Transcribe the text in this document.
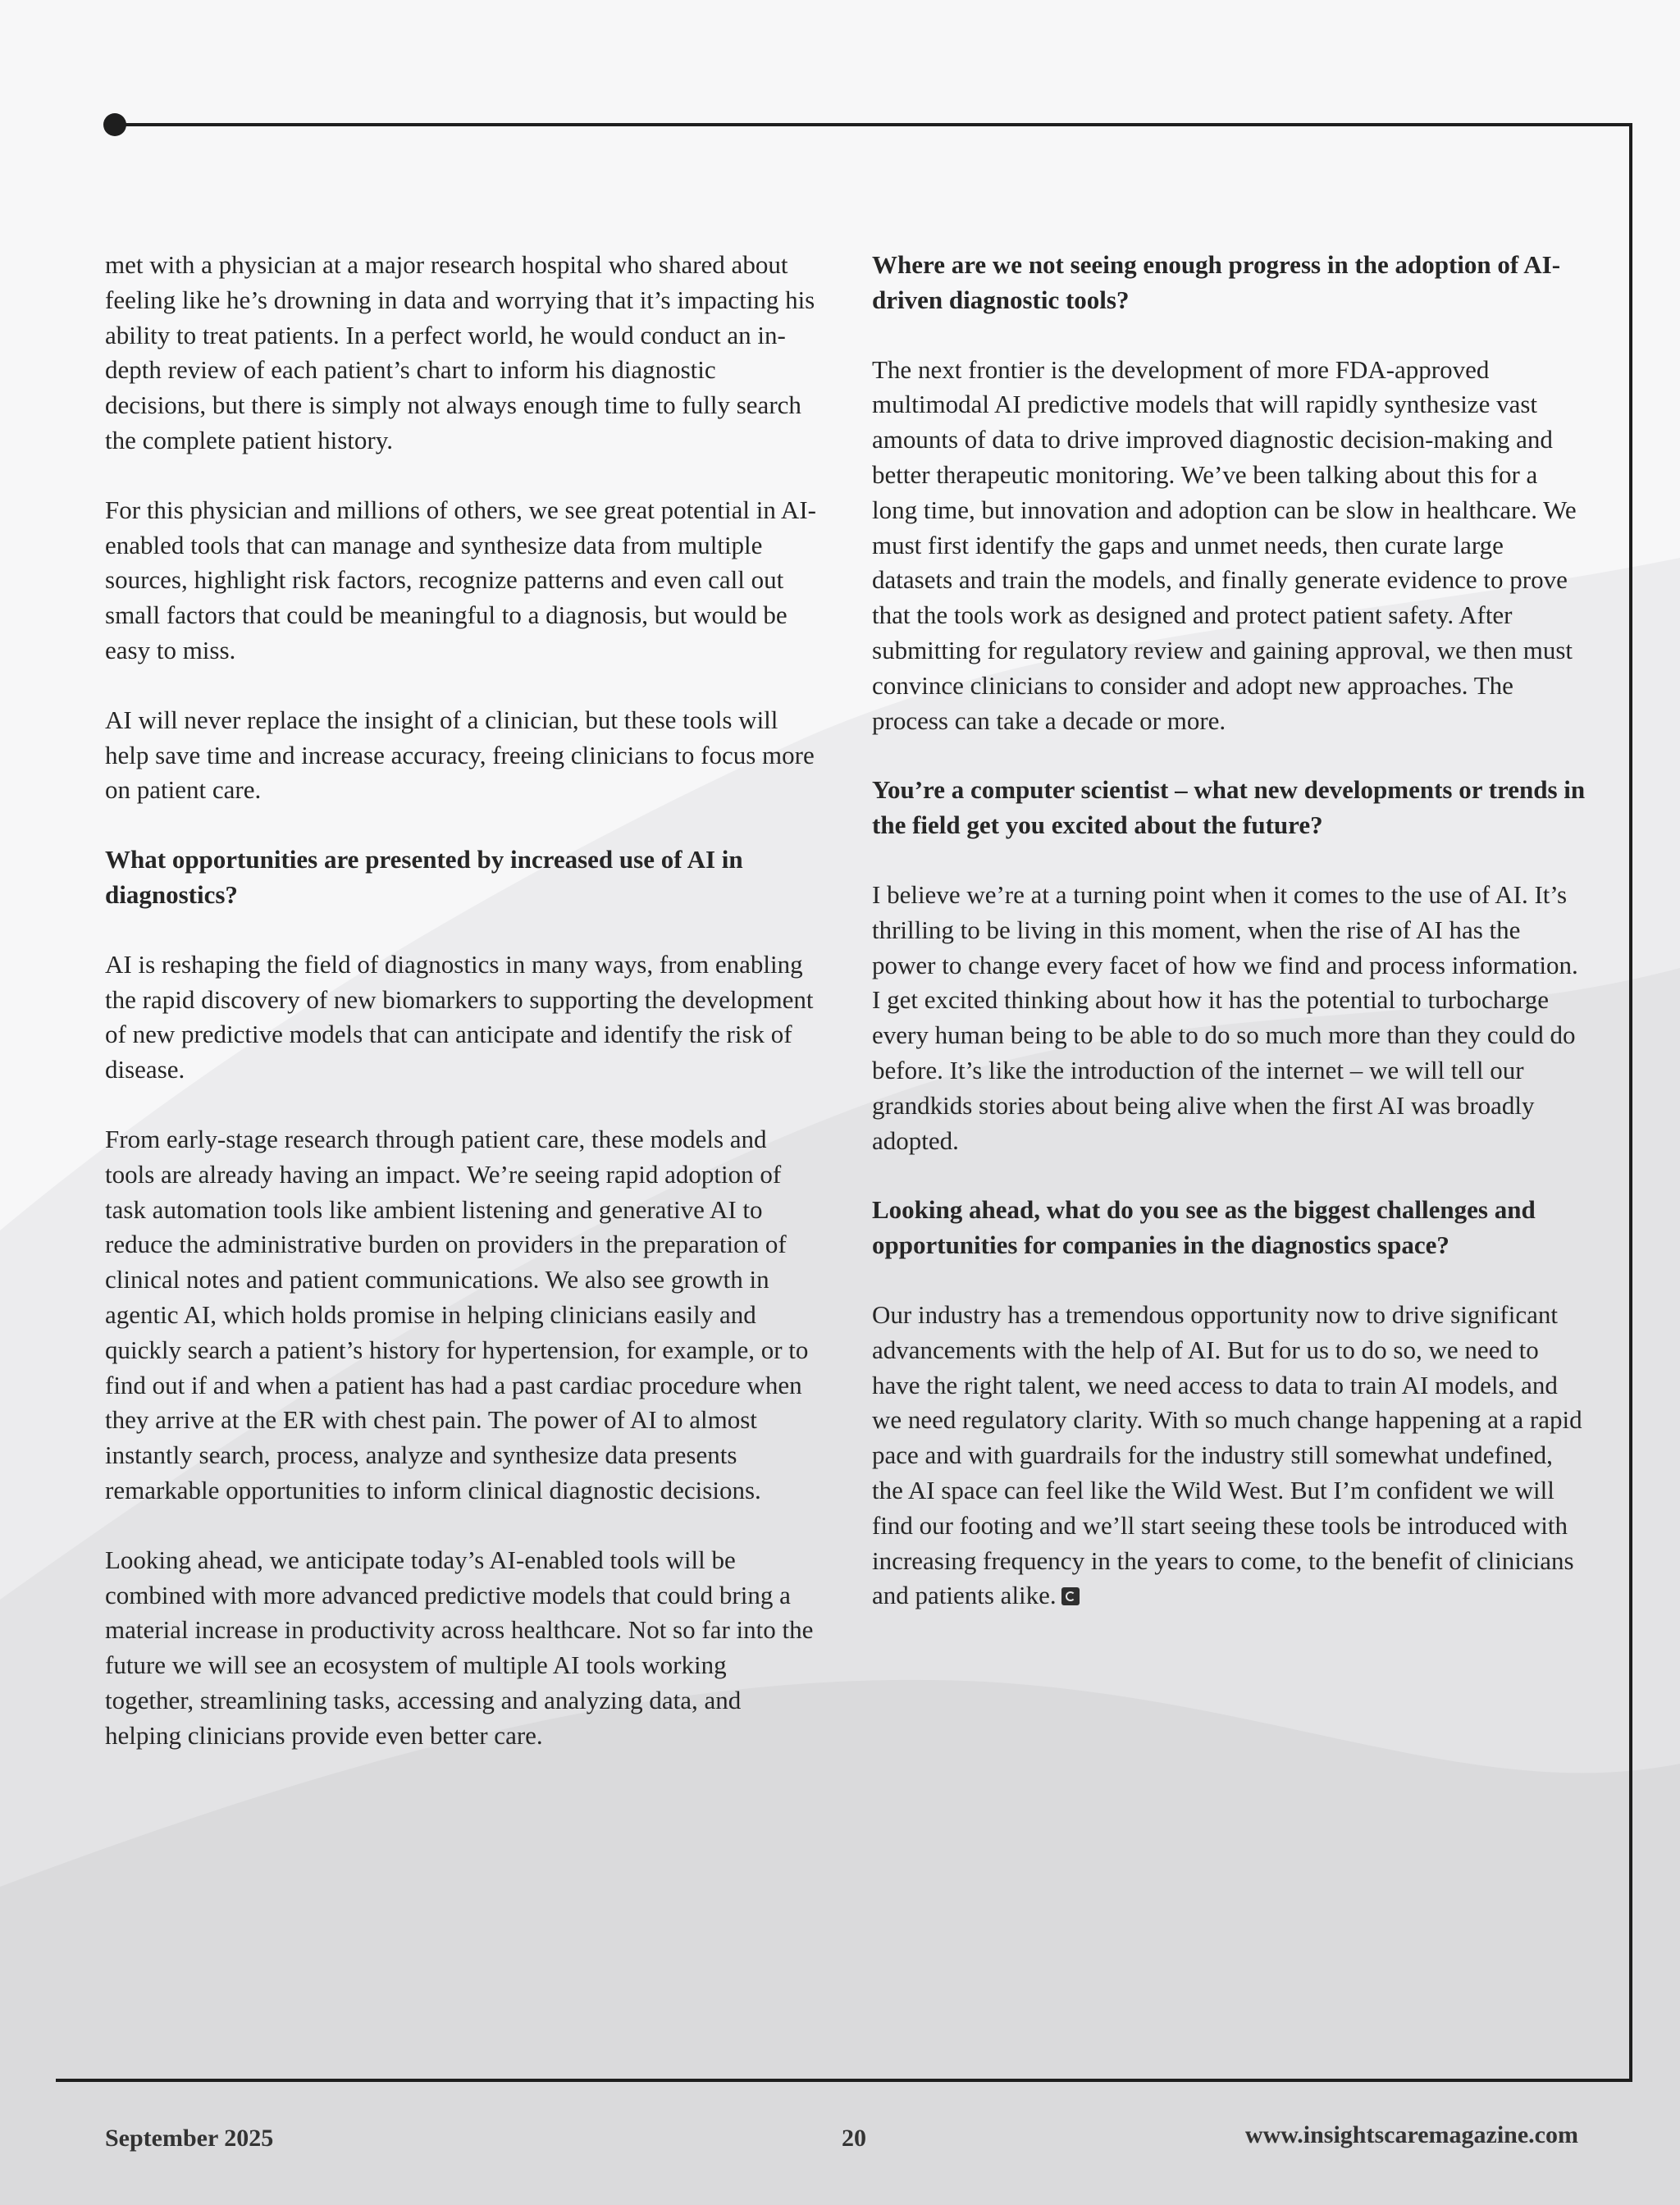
met with a physician at a major research hospital who shared about feeling like he’s drowning in data and worrying that it’s impacting his ability to treat patients. In a perfect world, he would conduct an in-depth review of each patient’s chart to inform his diagnostic decisions, but there is simply not always enough time to fully search the complete patient history.

For this physician and millions of others, we see great potential in AI-enabled tools that can manage and synthesize data from multiple sources, highlight risk factors, recognize patterns and even call out small factors that could be meaningful to a diagnosis, but would be easy to miss.

AI will never replace the insight of a clinician, but these tools will help save time and increase accuracy, freeing clinicians to focus more on patient care.

What opportunities are presented by increased use of AI in diagnostics?

AI is reshaping the field of diagnostics in many ways, from enabling the rapid discovery of new biomarkers to supporting the development of new predictive models that can anticipate and identify the risk of disease.

From early-stage research through patient care, these models and tools are already having an impact. We’re seeing rapid adoption of task automation tools like ambient listening and generative AI to reduce the administrative burden on providers in the preparation of clinical notes and patient communications. We also see growth in agentic AI, which holds promise in helping clinicians easily and quickly search a patient’s history for hypertension, for example, or to find out if and when a patient has had a past cardiac procedure when they arrive at the ER with chest pain. The power of AI to almost instantly search, process, analyze and synthesize data presents remarkable opportunities to inform clinical diagnostic decisions.

Looking ahead, we anticipate today’s AI-enabled tools will be combined with more advanced predictive models that could bring a material increase in productivity across healthcare. Not so far into the future we will see an ecosystem of multiple AI tools working together, streamlining tasks, accessing and analyzing data, and helping clinicians provide even better care.

Where are we not seeing enough progress in the adoption of AI-driven diagnostic tools?

The next frontier is the development of more FDA-approved multimodal AI predictive models that will rapidly synthesize vast amounts of data to drive improved diagnostic decision-making and better therapeutic monitoring. We’ve been talking about this for a long time, but innovation and adoption can be slow in healthcare. We must first identify the gaps and unmet needs, then curate large datasets and train the models, and finally generate evidence to prove that the tools work as designed and protect patient safety. After submitting for regulatory review and gaining approval, we then must convince clinicians to consider and adopt new approaches. The process can take a decade or more.

You’re a computer scientist – what new developments or trends in the field get you excited about the future?

I believe we’re at a turning point when it comes to the use of AI. It’s thrilling to be living in this moment, when the rise of AI has the power to change every facet of how we find and process information. I get excited thinking about how it has the potential to turbocharge every human being to be able to do so much more than they could do before. It’s like the introduction of the internet – we will tell our grandkids stories about being alive when the first AI was broadly adopted.

Looking ahead, what do you see as the biggest challenges and opportunities for companies in the diagnostics space?

Our industry has a tremendous opportunity now to drive significant advancements with the help of AI. But for us to do so, we need to have the right talent, we need access to data to train AI models, and we need regulatory clarity. With so much change happening at a rapid pace and with guardrails for the industry still somewhat undefined, the AI space can feel like the Wild West. But I’m confident we will find our footing and we’ll start seeing these tools be introduced with increasing frequency in the years to come, to the benefit of clinicians and patients alike.

September 2025	20	www.insightscaremagazine.com
